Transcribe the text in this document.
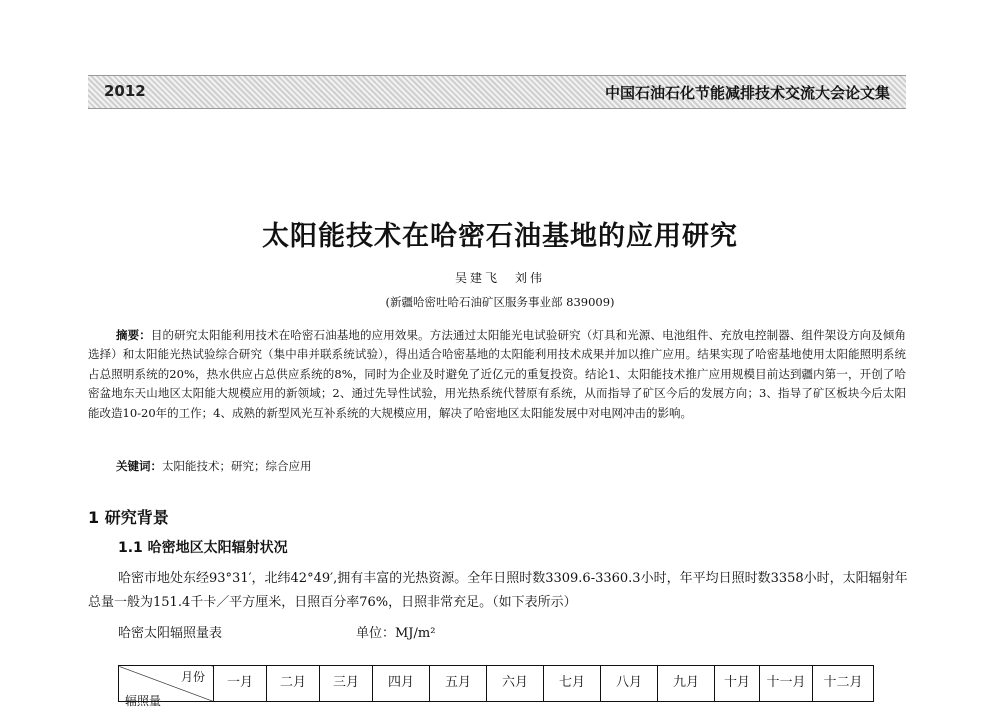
2012	中国石油石化节能减排技术交流大会论文集
太阳能技术在哈密石油基地的应用研究
吴建飞　刘伟
(新疆哈密吐哈石油矿区服务事业部 839009)
摘要：目的研究太阳能利用技术在哈密石油基地的应用效果。方法通过太阳能光电试验研究（灯具和光源、电池组件、充放电控制器、组件架设方向及倾角选择）和太阳能光热试验综合研究（集中串并联系统试验），得出适合哈密基地的太阳能利用技术成果并加以推广应用。结果实现了哈密基地使用太阳能照明系统占总照明系统的20%，热水供应占总供应系统的8%，同时为企业及时避免了近亿元的重复投资。结论1、太阳能技术推广应用规模目前达到疆内第一，开创了哈密盆地东天山地区太阳能大规模应用的新领域；2、通过先导性试验，用光热系统代替原有系统，从而指导了矿区今后的发展方向；3、指导了矿区板块今后太阳能改造10-20年的工作；4、成熟的新型风光互补系统的大规模应用，解决了哈密地区太阳能发展中对电网冲击的影响。
关键词：太阳能技术；研究；综合应用
1 研究背景
1.1 哈密地区太阳辐射状况
哈密市地处东经93°31′，北纬42°49′,拥有丰富的光热资源。全年日照时数3309.6-3360.3小时，年平均日照时数3358小时，太阳辐射年总量一般为151.4千卡／平方厘米，日照百分率76%，日照非常充足。（如下表所示）
哈密太阳辐照量表	单位：MJ/m²
月份
辐照量
	一月	二月	三月	四月	五月	六月	七月	八月	九月	十月	十一月	十二月
